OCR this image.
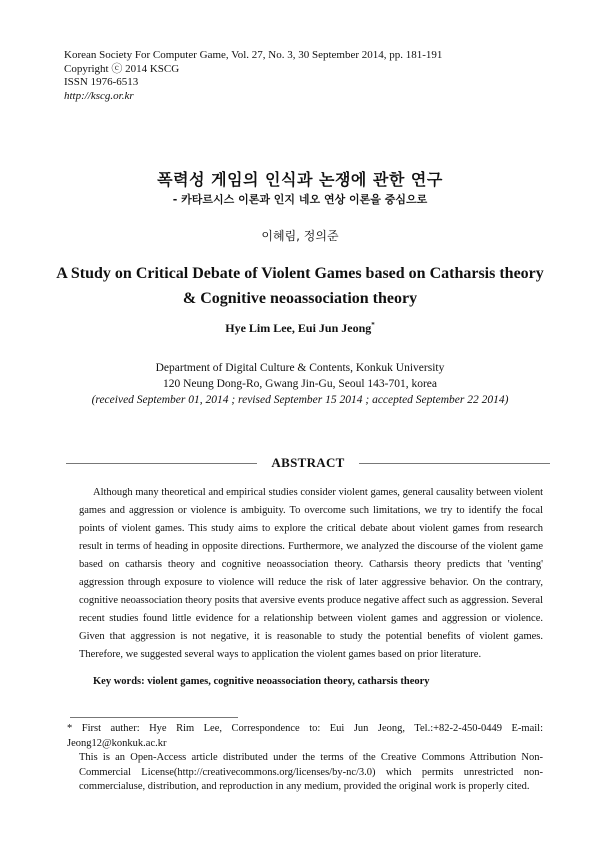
Korean Society For Computer Game, Vol. 27, No. 3, 30 September 2014, pp. 181-191
Copyright ⓒ 2014 KSCG
ISSN 1976-6513
http://kscg.or.kr
폭력성 게임의 인식과 논쟁에 관한 연구
- 카타르시스 이론과 인지 네오 연상 이론을 중심으로
이혜림, 정의준
A Study on Critical Debate of Violent Games based on Catharsis theory
& Cognitive neoassociation theory
Hye Lim Lee, Eui Jun Jeong*
Department of Digital Culture & Contents, Konkuk University
120 Neung Dong-Ro, Gwang Jin-Gu, Seoul 143-701, korea
(received September 01, 2014 ; revised September 15 2014 ; accepted September 22 2014)
ABSTRACT
Although many theoretical and empirical studies consider violent games, general causality between violent games and aggression or violence is ambiguity. To overcome such limitations, we try to identify the focal points of violent games. This study aims to explore the critical debate about violent games from research result in terms of heading in opposite directions. Furthermore, we analyzed the discourse of the violent game based on catharsis theory and cognitive neoassociation theory. Catharsis theory predicts that 'venting' aggression through exposure to violence will reduce the risk of later aggressive behavior. On the contrary, cognitive neoassociation theory posits that aversive events produce negative affect such as aggression. Several recent studies found little evidence for a relationship between violent games and aggression or violence. Given that aggression is not negative, it is reasonable to study the potential benefits of violent games. Therefore, we suggested several ways to application the violent games based on prior literature.
Key words: violent games, cognitive neoassociation theory, catharsis theory

* First auther: Hye Rim Lee, Correspondence to: Eui Jun Jeong, Tel.:+82-2-450-0449 E-mail: Jeong12@konkuk.ac.kr

This is an Open-Access article distributed under the terms of the Creative Commons Attribution Non-Commercial License(http://creativecommons.org/licenses/by-nc/3.0) which permits unrestricted non-commercialuse, distribution, and reproduction in any medium, provided the original work is properly cited.
